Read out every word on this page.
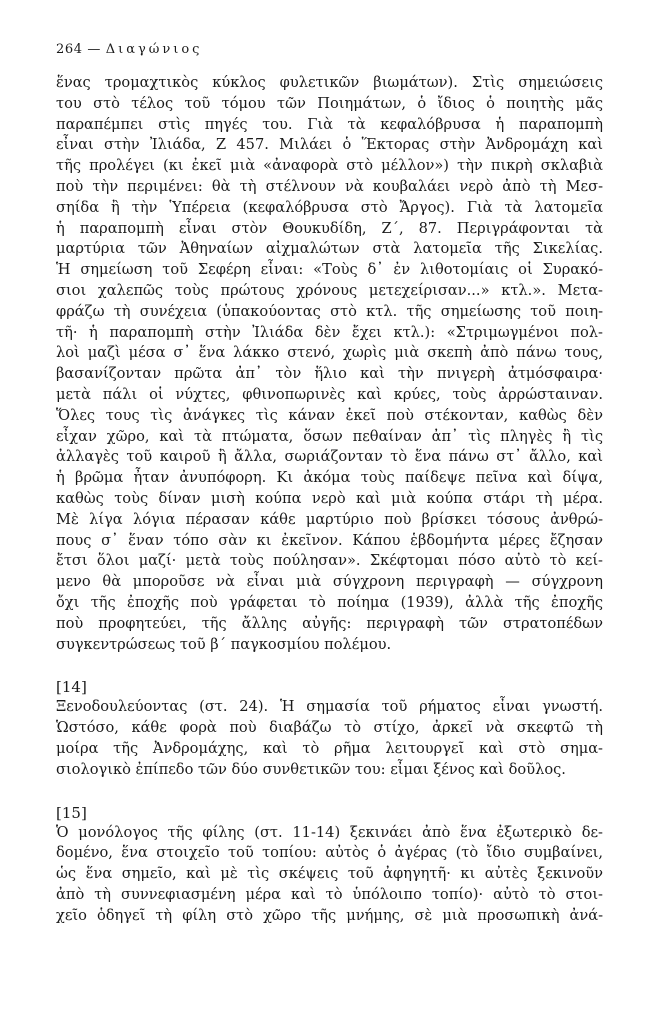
264 — Διαγώνιος
ἕνας τρομαχτικὸς κύκλος φυλετικῶν βιωμάτων). Στὶς σημειώσεις
του στὸ τέλος τοῦ τόμου τῶν Ποιημάτων, ὁ ἴδιος ὁ ποιητὴς μᾶς
παραπέμπει στὶς πηγές του. Γιὰ τὰ κεφαλόβρυσα ἡ παραπομπὴ
εἶναι στὴν Ἰλιάδα, Ζ 457. Μιλάει ὁ Ἕκτορας στὴν Ἀνδρομάχη καὶ
τῆς προλέγει (κι ἐκεῖ μιὰ «ἀναφορὰ στὸ μέλλον») τὴν πικρὴ σκλαβιὰ
ποὺ τὴν περιμένει: θὰ τὴ στέλνουν νὰ κουβαλάει νερὸ ἀπὸ τὴ Μεσ-
σηίδα ἢ τὴν Ὑπέρεια (κεφαλόβρυσα στὸ Ἄργος). Γιὰ τὰ λατομεῖα
ἡ παραπομπὴ εἶναι στὸν Θουκυδίδη, Ζ´, 87. Περιγράφονται τὰ
μαρτύρια τῶν Ἀθηναίων αἰχμαλώτων στὰ λατομεῖα τῆς Σικελίας.
Ἡ σημείωση τοῦ Σεφέρη εἶναι: «Τοὺς δ᾽ ἐν λιθοτομίαις οἱ Συρακό-
σιοι χαλεπῶς τοὺς πρώτους χρόνους μετεχείρισαν...» κτλ.». Μετα-
φράζω τὴ συνέχεια (ὑπακούοντας στὸ κτλ. τῆς σημείωσης τοῦ ποιη-
τῆ· ἡ παραπομπὴ στὴν Ἰλιάδα δὲν ἔχει κτλ.): «Στριμωγμένοι πολ-
λοὶ μαζὶ μέσα σ᾽ ἕνα λάκκο στενό, χωρὶς μιὰ σκεπὴ ἀπὸ πάνω τους,
βασανίζονταν πρῶτα ἀπ᾽ τὸν ἥλιο καὶ τὴν πνιγερὴ ἀτμόσφαιρα·
μετὰ πάλι οἱ νύχτες, φθινοπωρινὲς καὶ κρύες, τοὺς ἀρρώσταιναν.
Ὅλες τους τὶς ἀνάγκες τὶς κάναν ἐκεῖ ποὺ στέκονταν, καθὼς δὲν
εἶχαν χῶρο, καὶ τὰ πτώματα, ὅσων πεθαίναν ἀπ᾽ τὶς πληγὲς ἢ τὶς
ἀλλαγὲς τοῦ καιροῦ ἢ ἄλλα, σωριάζονταν τὸ ἕνα πάνω στ᾽ ἄλλο, καὶ
ἡ βρῶμα ἦταν ἀνυπόφορη. Κι ἀκόμα τοὺς παίδεψε πεῖνα καὶ δίψα,
καθὼς τοὺς δίναν μισὴ κούπα νερὸ καὶ μιὰ κούπα στάρι τὴ μέρα.
Μὲ λίγα λόγια πέρασαν κάθε μαρτύριο ποὺ βρίσκει τόσους ἀνθρώ-
πους σ᾽ ἕναν τόπο σὰν κι ἐκεῖνον. Κάπου ἑβδομήντα μέρες ἔζησαν
ἔτσι ὅλοι μαζί· μετὰ τοὺς πούλησαν». Σκέφτομαι πόσο αὐτὸ τὸ κεί-
μενο θὰ μποροῦσε νὰ εἶναι μιὰ σύγχρονη περιγραφὴ — σύγχρονη
ὄχι τῆς ἐποχῆς ποὺ γράφεται τὸ ποίημα (1939), ἀλλὰ τῆς ἐποχῆς
ποὺ προφητεύει, τῆς ἄλλης αὐγῆς: περιγραφὴ τῶν στρατοπέδων
συγκεντρώσεως τοῦ β´ παγκοσμίου πολέμου.
[14]
Ξενοδουλεύοντας (στ. 24). Ἡ σημασία τοῦ ρήματος εἶναι γνωστή.
Ὡστόσο, κάθε φορὰ ποὺ διαβάζω τὸ στίχο, ἀρκεῖ νὰ σκεφτῶ τὴ
μοίρα τῆς Ἀνδρομάχης, καὶ τὸ ρῆμα λειτουργεῖ καὶ στὸ σημα-
σιολογικὸ ἐπίπεδο τῶν δύο συνθετικῶν του: εἶμαι ξένος καὶ δοῦλος.
[15]
Ὁ μονόλογος τῆς φίλης (στ. 11-14) ξεκινάει ἀπὸ ἕνα ἐξωτερικὸ δε-
δομένο, ἕνα στοιχεῖο τοῦ τοπίου: αὐτὸς ὁ ἀγέρας (τὸ ἴδιο συμβαίνει,
ὡς ἕνα σημεῖο, καὶ μὲ τὶς σκέψεις τοῦ ἀφηγητῆ· κι αὐτὲς ξεκινοῦν
ἀπὸ τὴ συννεφιασμένη μέρα καὶ τὸ ὑπόλοιπο τοπίο)· αὐτὸ τὸ στοι-
χεῖο ὁδηγεῖ τὴ φίλη στὸ χῶρο τῆς μνήμης, σὲ μιὰ προσωπικὴ ἀνά-
